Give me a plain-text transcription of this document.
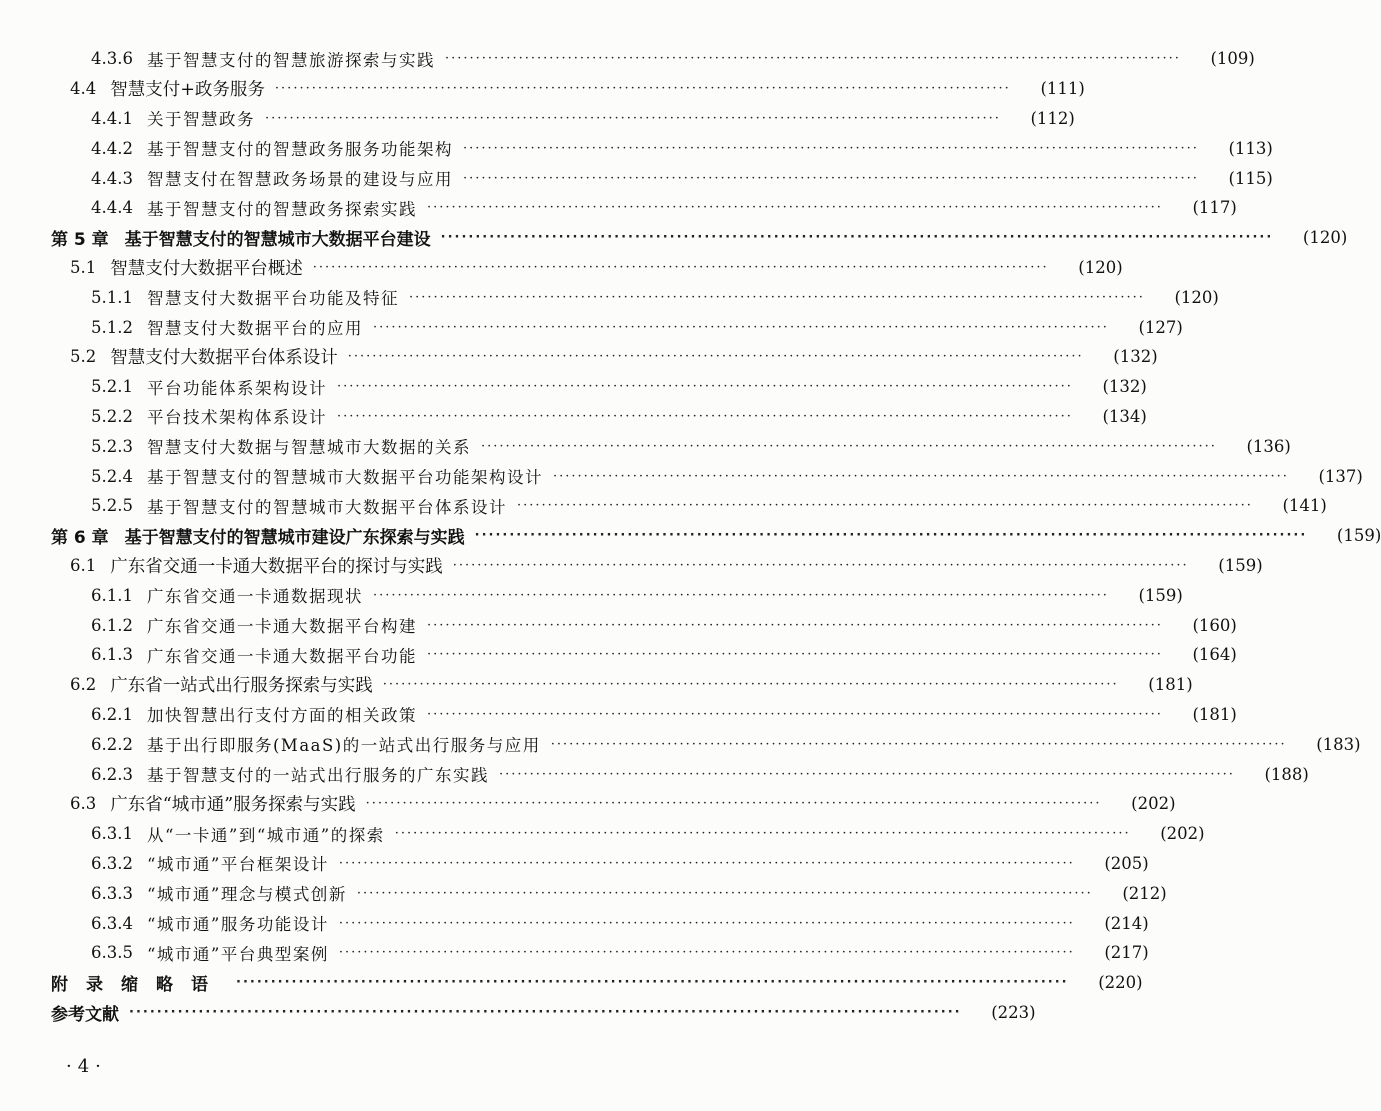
4.3.6 基于智慧支付的智慧旅游探索与实践 ························································································································	(109)
4.4 智慧支付+政务服务 ························································································································	(111)
4.4.1 关于智慧政务 ························································································································	(112)
4.4.2 基于智慧支付的智慧政务服务功能架构 ························································································································	(113)
4.4.3 智慧支付在智慧政务场景的建设与应用 ························································································································	(115)
4.4.4 基于智慧支付的智慧政务探索实践 ························································································································	(117)
第 5 章 基于智慧支付的智慧城市大数据平台建设 ························································································································	(120)
5.1 智慧支付大数据平台概述 ························································································································	(120)
5.1.1 智慧支付大数据平台功能及特征 ························································································································	(120)
5.1.2 智慧支付大数据平台的应用 ························································································································	(127)
5.2 智慧支付大数据平台体系设计 ························································································································	(132)
5.2.1 平台功能体系架构设计 ························································································································	(132)
5.2.2 平台技术架构体系设计 ························································································································	(134)
5.2.3 智慧支付大数据与智慧城市大数据的关系 ························································································································	(136)
5.2.4 基于智慧支付的智慧城市大数据平台功能架构设计 ························································································································	(137)
5.2.5 基于智慧支付的智慧城市大数据平台体系设计 ························································································································	(141)
第 6 章 基于智慧支付的智慧城市建设广东探索与实践 ························································································································	(159)
6.1 广东省交通一卡通大数据平台的探讨与实践 ························································································································	(159)
6.1.1 广东省交通一卡通数据现状 ························································································································	(159)
6.1.2 广东省交通一卡通大数据平台构建 ························································································································	(160)
6.1.3 广东省交通一卡通大数据平台功能 ························································································································	(164)
6.2 广东省一站式出行服务探索与实践 ························································································································	(181)
6.2.1 加快智慧出行支付方面的相关政策 ························································································································	(181)
6.2.2 基于出行即服务(MaaS)的一站式出行服务与应用 ························································································································	(183)
6.2.3 基于智慧支付的一站式出行服务的广东实践 ························································································································	(188)
6.3 广东省“城市通”服务探索与实践 ························································································································	(202)
6.3.1 从“一卡通”到“城市通”的探索 ························································································································	(202)
6.3.2 “城市通”平台框架设计 ························································································································	(205)
6.3.3 “城市通”理念与模式创新 ························································································································	(212)
6.3.4 “城市通”服务功能设计 ························································································································	(214)
6.3.5 “城市通”平台典型案例 ························································································································	(217)
附录缩略语 ························································································································	(220)
参考文献 ························································································································	(223)
·4·
